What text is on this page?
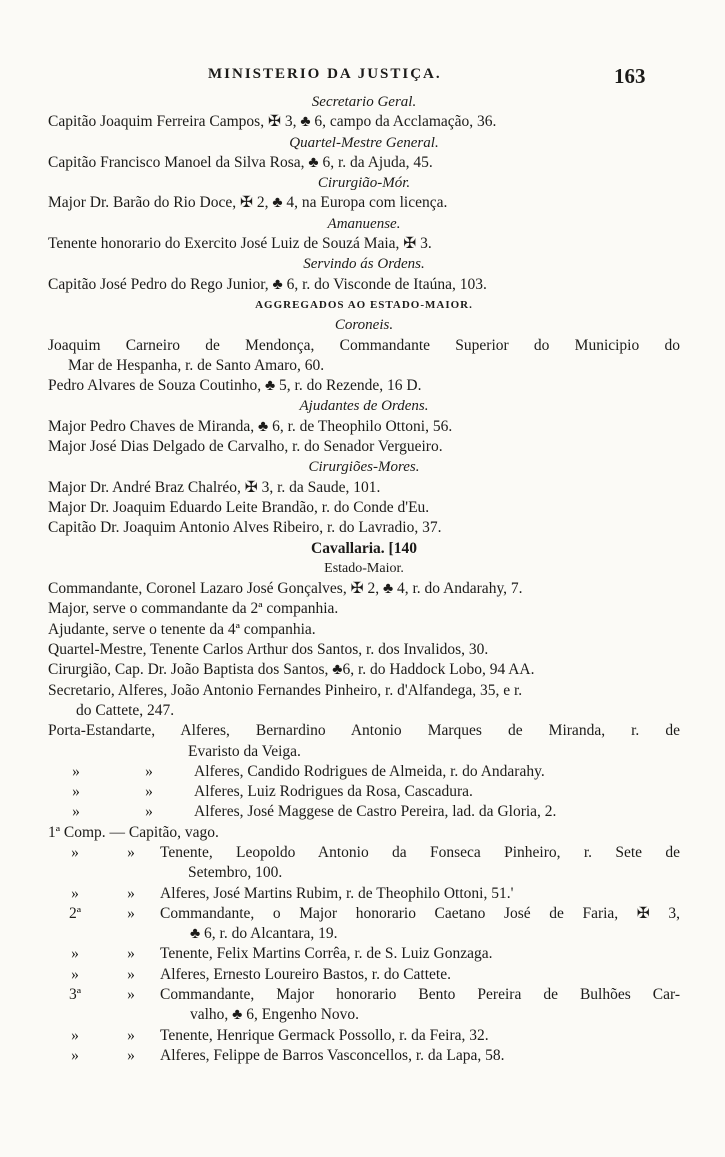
MINISTERIO DA JUSTIÇA.	163
Secretario Geral.
Capitão Joaquim Ferreira Campos, ✠ 3, ♣ 6, campo da Acclamação, 36.
Quartel-Mestre General.
Capitão Francisco Manoel da Silva Rosa, ♣ 6, r. da Ajuda, 45.
Cirurgião-Mór.
Major Dr. Barão do Rio Doce, ✠ 2, ♣ 4, na Europa com licença.
Amanuense.
Tenente honorario do Exercito José Luiz de Souzá Maia, ✠ 3.
Servindo ás Ordens.
Capitão José Pedro do Rego Junior, ♣ 6, r. do Visconde de Itaúna, 103.
AGGREGADOS AO ESTADO-MAIOR.
Coroneis.
Joaquim Carneiro de Mendonça, Commandante Superior do Municipio do
Mar de Hespanha, r. de Santo Amaro, 60.
Pedro Alvares de Souza Coutinho, ♣ 5, r. do Rezende, 16 D.
Ajudantes de Ordens.
Major Pedro Chaves de Miranda, ♣ 6, r. de Theophilo Ottoni, 56.
Major José Dias Delgado de Carvalho, r. do Senador Vergueiro.
Cirurgiões-Mores.
Major Dr. André Braz Chalréo, ✠ 3, r. da Saude, 101.
Major Dr. Joaquim Eduardo Leite Brandão, r. do Conde d'Eu.
Capitão Dr. Joaquim Antonio Alves Ribeiro, r. do Lavradio, 37.
Cavallaria. [140
Estado-Maior.
Commandante, Coronel Lazaro José Gonçalves, ✠ 2, ♣ 4, r. do Andarahy, 7.
Major, serve o commandante da 2ª companhia.
Ajudante, serve o tenente da 4ª companhia.
Quartel-Mestre, Tenente Carlos Arthur dos Santos, r. dos Invalidos, 30.
Cirurgião, Cap. Dr. João Baptista dos Santos, ♣6, r. do Haddock Lobo, 94 AA.
Secretario, Alferes, João Antonio Fernandes Pinheiro, r. d'Alfandega, 35, e r.
do Cattete, 247.
Porta-Estandarte, Alferes, Bernardino Antonio Marques de Miranda, r. de
Evaristo da Veiga.
»	»	Alferes, Candido Rodrigues de Almeida, r. do Andarahy.
»	»	Alferes, Luiz Rodrigues da Rosa, Cascadura.
»	»	Alferes, José Maggese de Castro Pereira, lad. da Gloria, 2.
1ª Comp. — Capitão, vago.
»	»	Tenente, Leopoldo Antonio da Fonseca Pinheiro, r. Sete de
Setembro, 100.
»	»	Alferes, José Martins Rubim, r. de Theophilo Ottoni, 51.'
2ª	»	Commandante, o Major honorario Caetano José de Faria, ✠ 3,
♣ 6, r. do Alcantara, 19.
»	»	Tenente, Felix Martins Corrêa, r. de S. Luiz Gonzaga.
»	»	Alferes, Ernesto Loureiro Bastos, r. do Cattete.
3ª	»	Commandante, Major honorario Bento Pereira de Bulhões Car-
valho, ♣ 6, Engenho Novo.
»	»	Tenente, Henrique Germack Possollo, r. da Feira, 32.
»	»	Alferes, Felippe de Barros Vasconcellos, r. da Lapa, 58.
